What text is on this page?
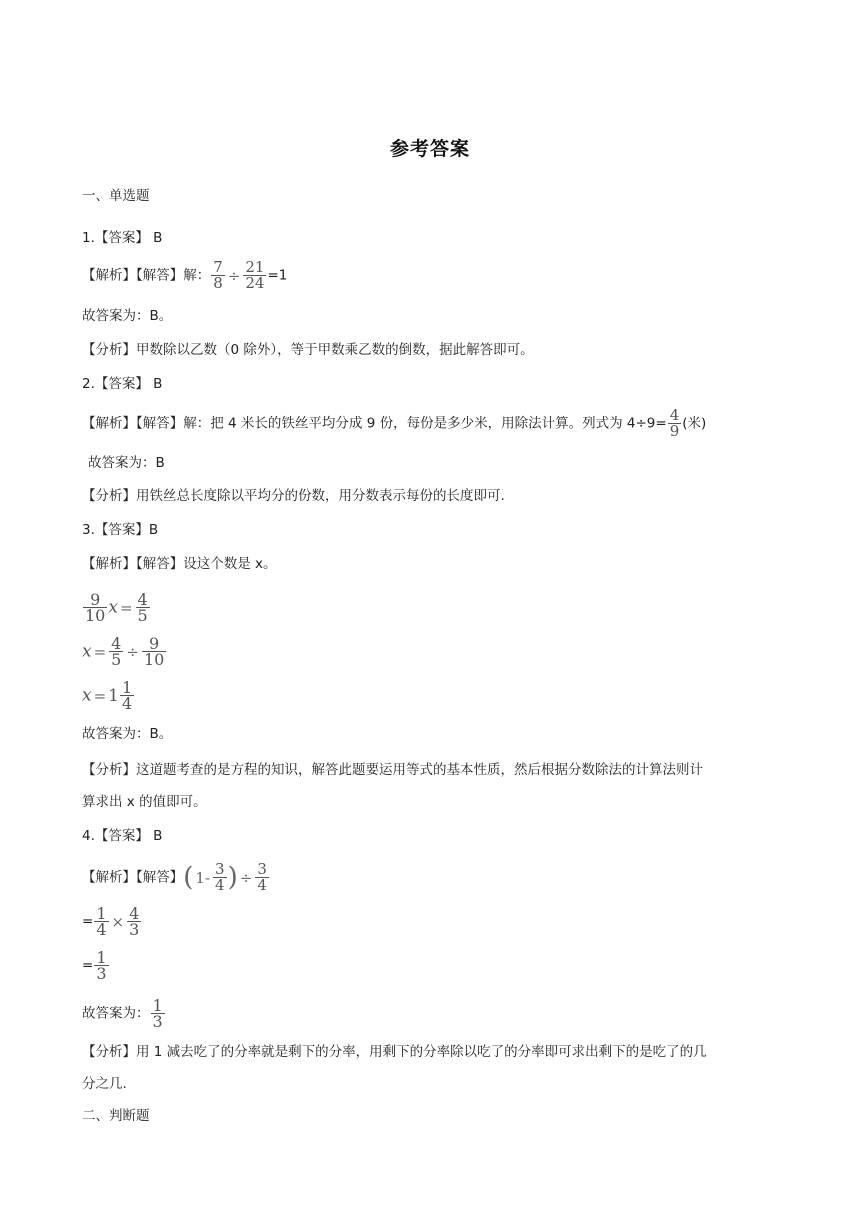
参考答案
一、单选题
1.【答案】 B
【解析】【解答】解： $\frac{7}{8} \div \frac{21}{24} =1$
故答案为：B。
【分析】甲数除以乙数（0 除外），等于甲数乘乙数的倒数，据此解答即可。
2.【答案】 B
【解析】【解答】解：把 4 米长的铁丝平均分成 9 份，每份是多少米，用除法计算。列式为 $4\div 9= \frac{4}{9}$ (米)
故答案为：B
【分析】用铁丝总长度除以平均分的份数，用分数表示每份的长度即可.
3.【答案】B
【解析】【解答】设这个数是 x。
$\frac{9}{10}$ $x = \frac{4}{5}$
$x = \frac{4}{5} \div \frac{9}{10}$
$x = 1 \frac{1}{4}$
故答案为：B。
【分析】这道题考查的是方程的知识，解答此题要运用等式的基本性质，然后根据分数除法的计算法则计
算求出 x 的值即可。
4.【答案】 B
【解析】【解答】( $1- \frac{3}{4}$ ) ÷ $\frac{3}{4}$
= $\frac{1}{4} \times \frac{4}{3}$
= $\frac{1}{3}$
故答案为： $\frac{1}{3}$
【分析】用 1 减去吃了的分率就是剩下的分率，用剩下的分率除以吃了的分率即可求出剩下的是吃了的几
分之几.
二、判断题
